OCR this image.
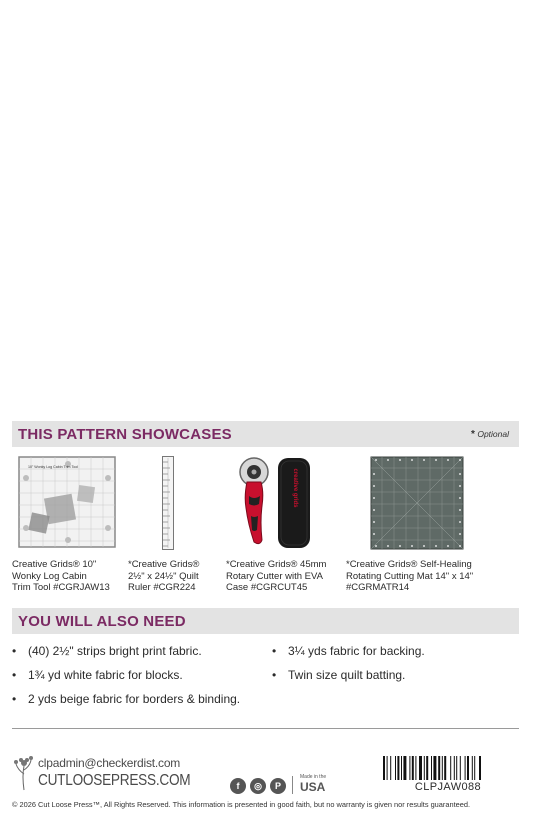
THIS PATTERN SHOWCASES	* Optional
10" Wonky Log Cabin Trim Tool
Creative Grids® 10"
Wonky Log Cabin
Trim Tool #CGRJAW13
*Creative Grids®
2½" x 24½" Quilt
Ruler #CGR224
creative grids
*Creative Grids® 45mm
Rotary Cutter with EVA
Case #CGRCUT45
*Creative Grids® Self-Healing
Rotating Cutting Mat 14" x 14"
#CGRMATR14
YOU WILL ALSO NEED
• (40) 2½" strips bright print fabric.
• 1¾ yd white fabric for blocks.
• 2 yds beige fabric for borders & binding.
• 3¼ yds fabric for backing.
• Twin size quilt batting.
clpadmin@checkerdist.com
CUTLOOSEPRESS.COM	f	◎	P
Made in the
USA	CLPJAW088
© 2026 Cut Loose Press™, All Rights Reserved. This information is presented in good faith, but no warranty is given nor results guaranteed.
